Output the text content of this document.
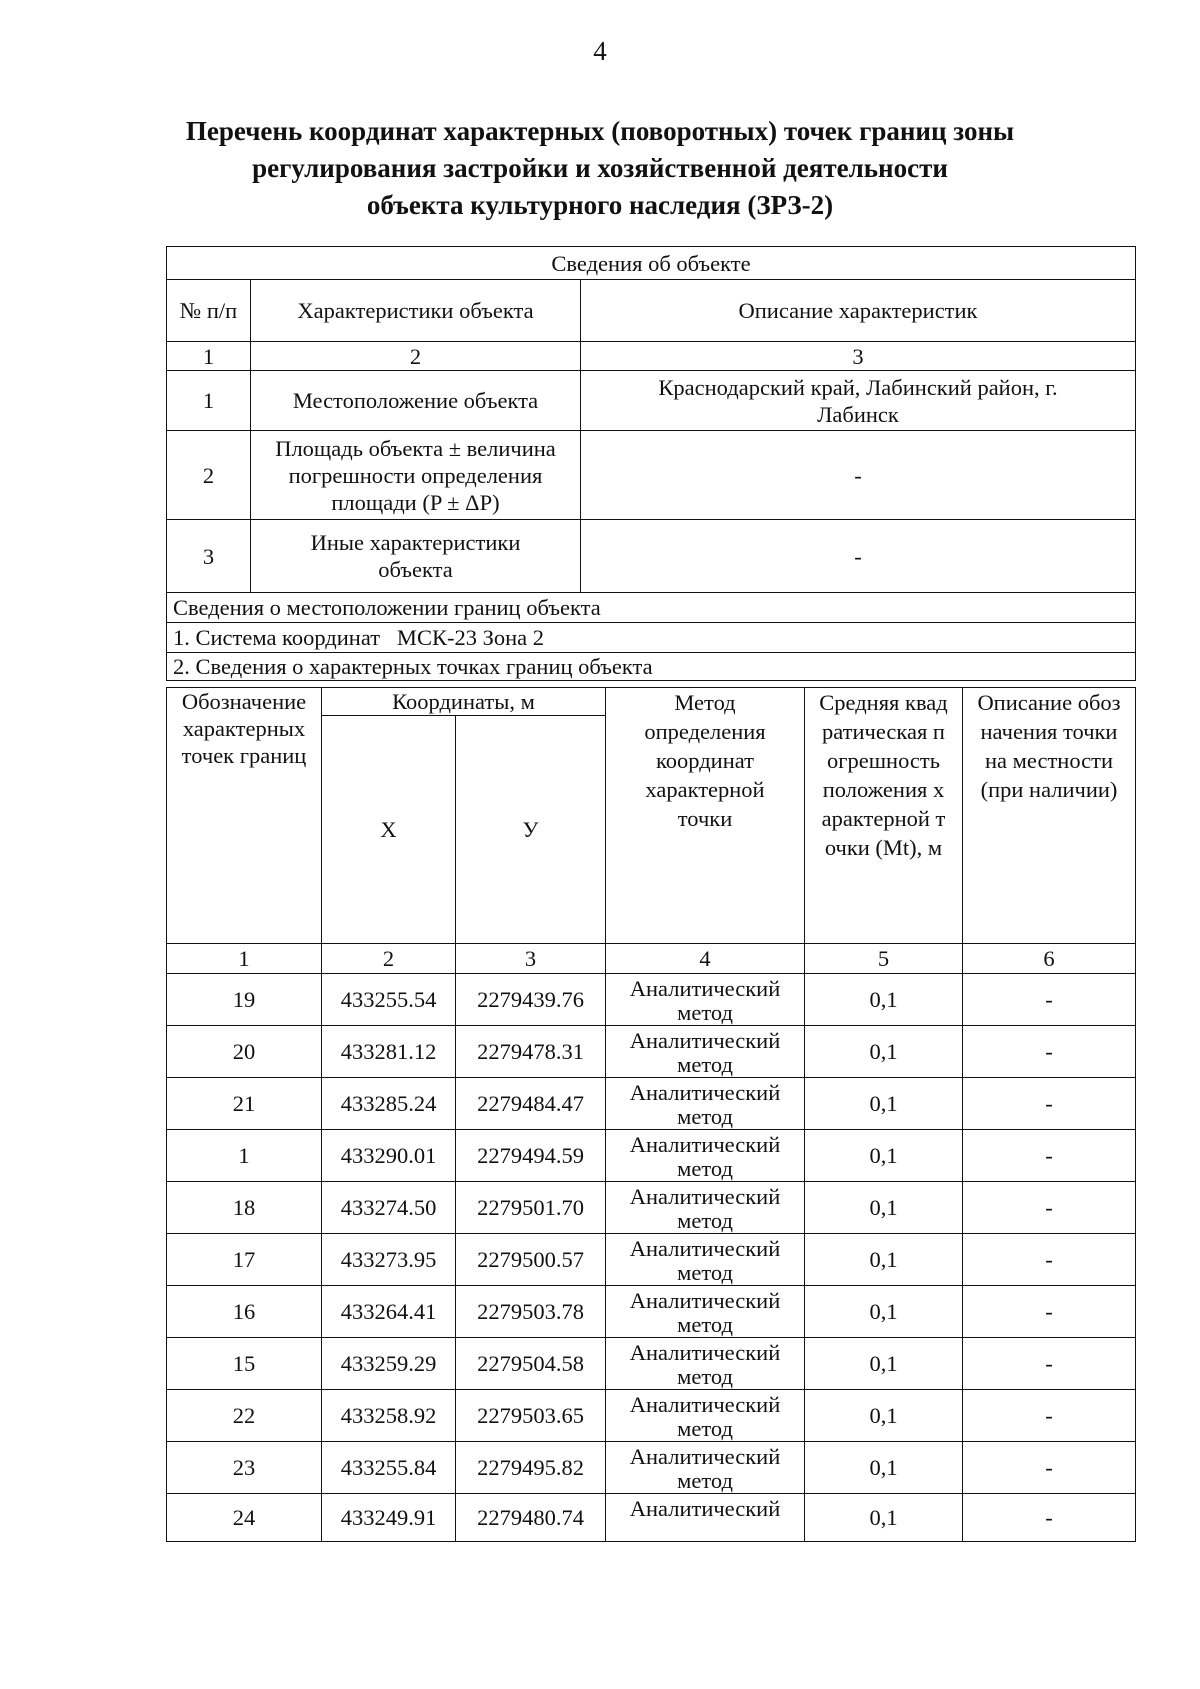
4
Перечень координат характерных (поворотных) точек границ зоны
регулирования застройки и хозяйственной деятельности
объекта культурного наследия (ЗРЗ-2)
Сведения об объекте		
№ п/п	Характеристики объекта	Описание характеристик
1	2	3
1	Местоположение объекта	Краснодарский край, Лабинский район, г. Лабинск
2	Площадь объекта ± величина погрешности определения площади (P ± ΔP)	-
3	Иные характеристики объекта	-
Сведения о местоположении границ объекта		
1. Система координат   МСК-23 Зона 2		
2. Сведения о характерных точках границ объекта		
Обозначение характерных точек границ	Координаты, м		Метод определения координат характерной точки	Средняя квадратическая погрешность положения характерной точки (Mt), м	Описание обозначения точки на местности (при наличии)
	X	У			
1	2	3	4	5	6
19	433255.54	2279439.76	Аналитический метод	0,1	-
20	433281.12	2279478.31	Аналитический метод	0,1	-
21	433285.24	2279484.47	Аналитический метод	0,1	-
1	433290.01	2279494.59	Аналитический метод	0,1	-
18	433274.50	2279501.70	Аналитический метод	0,1	-
17	433273.95	2279500.57	Аналитический метод	0,1	-
16	433264.41	2279503.78	Аналитический метод	0,1	-
15	433259.29	2279504.58	Аналитический метод	0,1	-
22	433258.92	2279503.65	Аналитический метод	0,1	-
23	433255.84	2279495.82	Аналитический метод	0,1	-
24	433249.91	2279480.74	Аналитический	0,1	-
